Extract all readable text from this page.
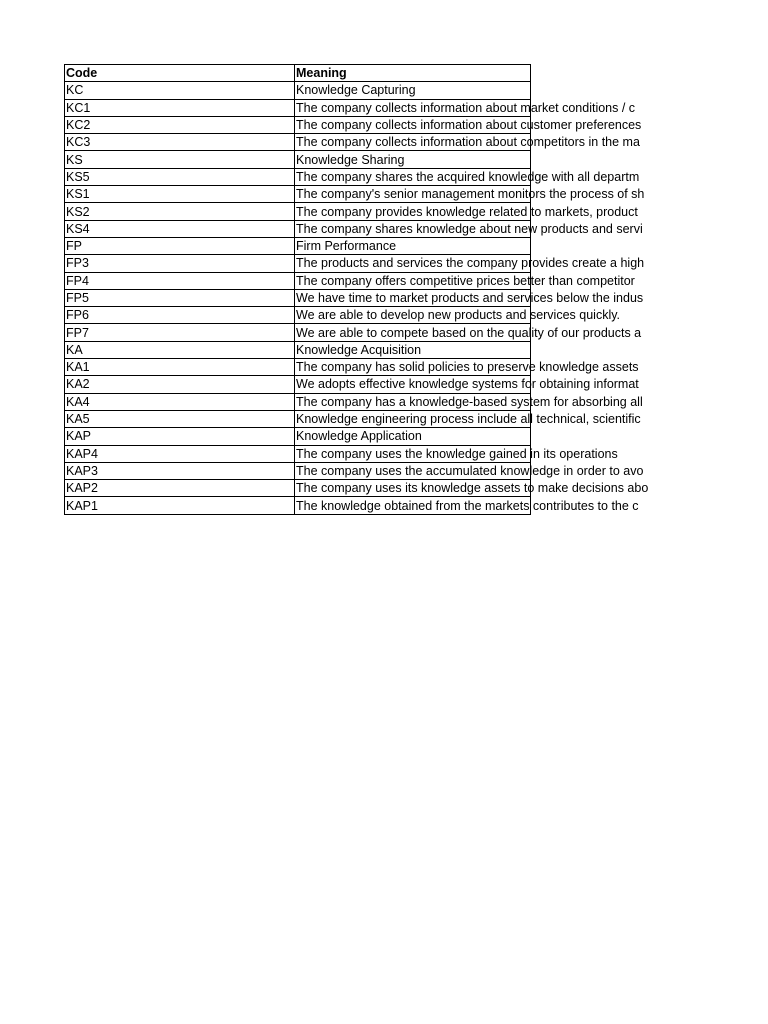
Code	Meaning
KC	Knowledge Capturing
KC1	The company collects information about market conditions / c
KC2	The company collects information about customer preferences
KC3	The company collects information about competitors in the ma
KS	Knowledge Sharing
KS5	The company shares the acquired knowledge with all departm
KS1	The company's senior management monitors the process of sh
KS2	The company provides knowledge related to markets, product
KS4	The company shares knowledge about new products and servi
FP	Firm Performance
FP3	The products and services the company provides create a high
FP4	The company offers competitive prices better than competitor
FP5	We have time to market products and services below the indus
FP6	We are able to develop new products and services quickly.
FP7	We are able to compete based on the quality of our products a
KA	Knowledge Acquisition
KA1	The company has solid policies to preserve knowledge assets
KA2	We adopts effective knowledge systems for obtaining informat
KA4	The company has a knowledge-based system for absorbing all
KA5	Knowledge engineering process include all technical, scientific
KAP	Knowledge Application
KAP4	The company uses the knowledge gained in its operations
KAP3	The company uses the accumulated knowledge in order to avo
KAP2	The company uses its knowledge assets to make decisions abo
KAP1	The knowledge obtained from the markets contributes to the c
